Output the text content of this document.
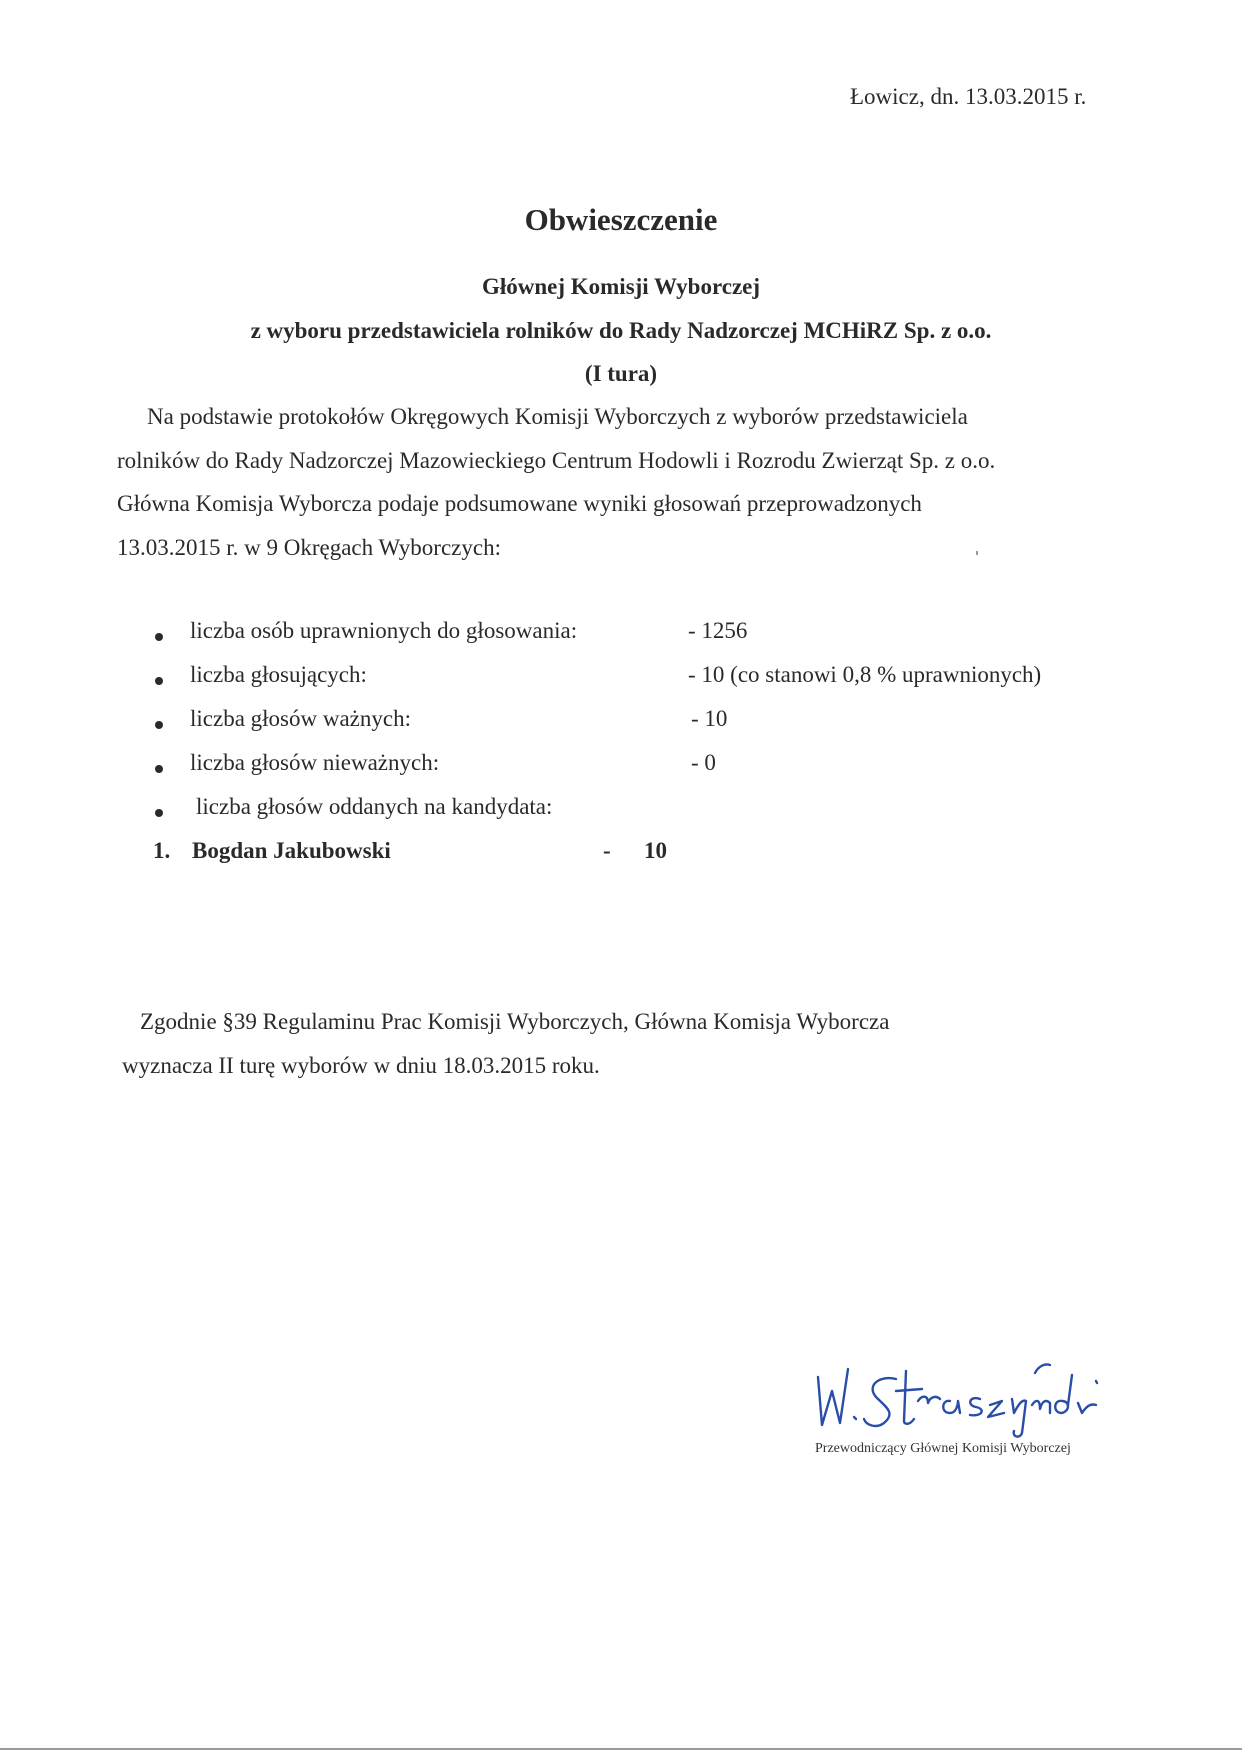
Łowicz, dn. 13.03.2015 r.
Obwieszczenie
Głównej Komisji Wyborczej
z wyboru przedstawiciela rolników do Rady Nadzorczej MCHiRZ Sp. z o.o.
(I tura)
Na podstawie protokołów Okręgowych Komisji Wyborczych z wyborów przedstawiciela
rolników do Rady Nadzorczej Mazowieckiego Centrum Hodowli i Rozrodu Zwierząt Sp. z o.o.
Główna Komisja Wyborcza podaje podsumowane wyniki głosowań przeprowadzonych
13.03.2015 r. w 9 Okręgach Wyborczych:
liczba osób uprawnionych do głosowania:	- 1256
liczba głosujących:	- 10 (co stanowi 0,8 % uprawnionych)
liczba głosów ważnych:	- 10
liczba głosów nieważnych:	- 0
liczba głosów oddanych na kandydata:
1. Bogdan Jakubowski	- 10
Zgodnie §39 Regulaminu Prac Komisji Wyborczych, Główna Komisja Wyborcza
wyznacza II turę wyborów w dniu 18.03.2015 roku.
Przewodniczący Głównej Komisji Wyborczej
